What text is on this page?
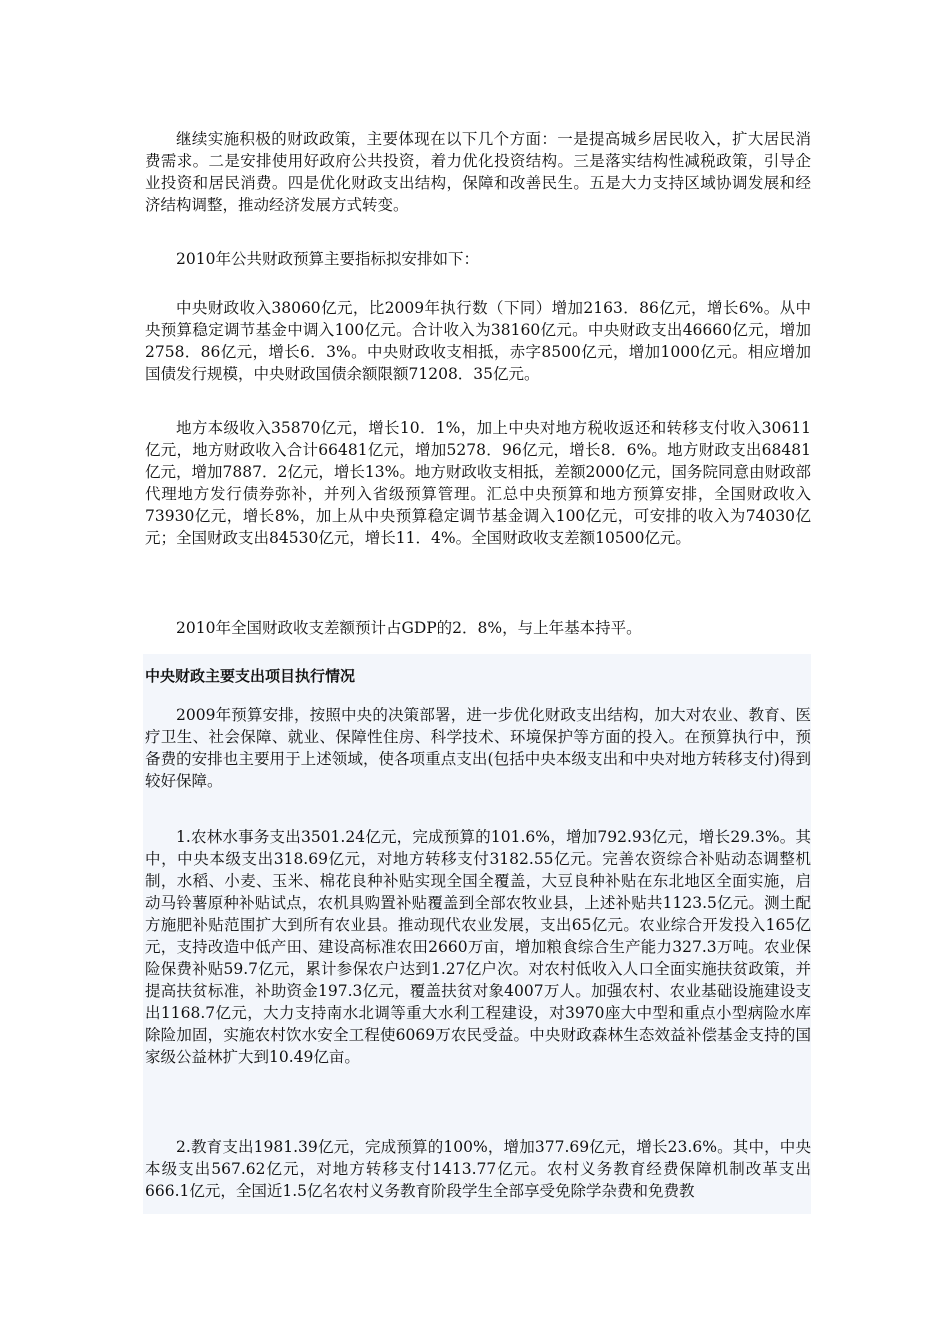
继续实施积极的财政政策，主要体现在以下几个方面：一是提高城乡居民收入，扩大居民消费需求。二是安排使用好政府公共投资，着力优化投资结构。三是落实结构性减税政策，引导企业投资和居民消费。四是优化财政支出结构，保障和改善民生。五是大力支持区域协调发展和经济结构调整，推动经济发展方式转变。

2010年公共财政预算主要指标拟安排如下：

中央财政收入38060亿元，比2009年执行数（下同）增加2163．86亿元，增长6%。从中央预算稳定调节基金中调入100亿元。合计收入为38160亿元。中央财政支出46660亿元，增加2758．86亿元，增长6．3%。中央财政收支相抵，赤字8500亿元，增加1000亿元。相应增加国债发行规模，中央财政国债余额限额71208．35亿元。

地方本级收入35870亿元，增长10．1%，加上中央对地方税收返还和转移支付收入30611亿元，地方财政收入合计66481亿元，增加5278．96亿元，增长8．6%。地方财政支出68481亿元，增加7887．2亿元，增长13%。地方财政收支相抵，差额2000亿元，国务院同意由财政部代理地方发行债券弥补，并列入省级预算管理。汇总中央预算和地方预算安排，全国财政收入73930亿元，增长8%，加上从中央预算稳定调节基金调入100亿元，可安排的收入为74030亿元；全国财政支出84530亿元，增长11．4%。全国财政收支差额10500亿元。

2010年全国财政收支差额预计占GDP的2．8%，与上年基本持平。

中央财政主要支出项目执行情况

2009年预算安排，按照中央的决策部署，进一步优化财政支出结构，加大对农业、教育、医疗卫生、社会保障、就业、保障性住房、科学技术、环境保护等方面的投入。在预算执行中，预备费的安排也主要用于上述领域，使各项重点支出(包括中央本级支出和中央对地方转移支付)得到较好保障。

1.农林水事务支出3501.24亿元，完成预算的101.6%，增加792.93亿元，增长29.3%。其中，中央本级支出318.69亿元，对地方转移支付3182.55亿元。完善农资综合补贴动态调整机制，水稻、小麦、玉米、棉花良种补贴实现全国全覆盖，大豆良种补贴在东北地区全面实施，启动马铃薯原种补贴试点，农机具购置补贴覆盖到全部农牧业县，上述补贴共1123.5亿元。测土配方施肥补贴范围扩大到所有农业县。推动现代农业发展，支出65亿元。农业综合开发投入165亿元，支持改造中低产田、建设高标准农田2660万亩，增加粮食综合生产能力327.3万吨。农业保险保费补贴59.7亿元，累计参保农户达到1.27亿户次。对农村低收入人口全面实施扶贫政策，并提高扶贫标准，补助资金197.3亿元，覆盖扶贫对象4007万人。加强农村、农业基础设施建设支出1168.7亿元，大力支持南水北调等重大水利工程建设，对3970座大中型和重点小型病险水库除险加固，实施农村饮水安全工程使6069万农民受益。中央财政森林生态效益补偿基金支持的国家级公益林扩大到10.49亿亩。

2.教育支出1981.39亿元，完成预算的100%，增加377.69亿元，增长23.6%。其中，中央本级支出567.62亿元，对地方转移支付1413.77亿元。农村义务教育经费保障机制改革支出666.1亿元，全国近1.5亿名农村义务教育阶段学生全部享受免除学杂费和免费教
